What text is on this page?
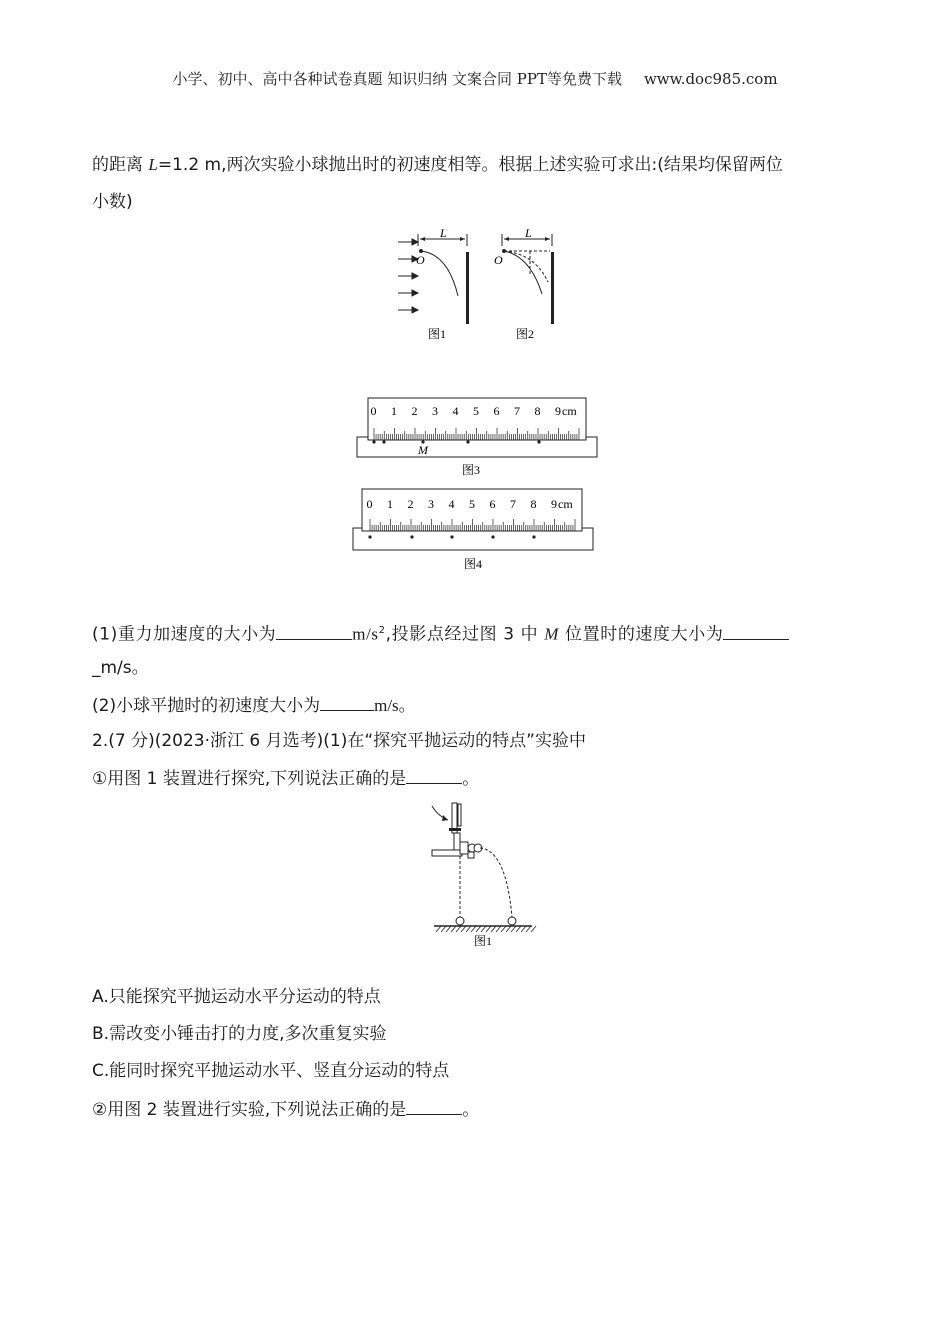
小学、初中、高中各种试卷真题 知识归纳 文案合同 PPT等免费下载 www.doc985.com
的距离 L=1.2 m,两次实验小球抛出时的初速度相等。根据上述实验可求出:(结果均保留两位
小数)
L
O
图1
L
O
图2
0 1 2 3 4 5 6 7 8 9 cm
M
图3
0 1 2 3 4 5 6 7 8 9 cm
图4
(1)重力加速度的大小为	$m/s^2$,投影点经过图 3 中 M 位置时的速度大小为
_m/s。
(2)小球平抛时的初速度大小为	m/s。
2.(7 分)(2023·浙江 6 月选考)(1)在“探究平抛运动的特点”实验中
①用图 1 装置进行探究,下列说法正确的是	。
图1
A.只能探究平抛运动水平分运动的特点
B.需改变小锤击打的力度,多次重复实验
C.能同时探究平抛运动水平、竖直分运动的特点
②用图 2 装置进行实验,下列说法正确的是	。
